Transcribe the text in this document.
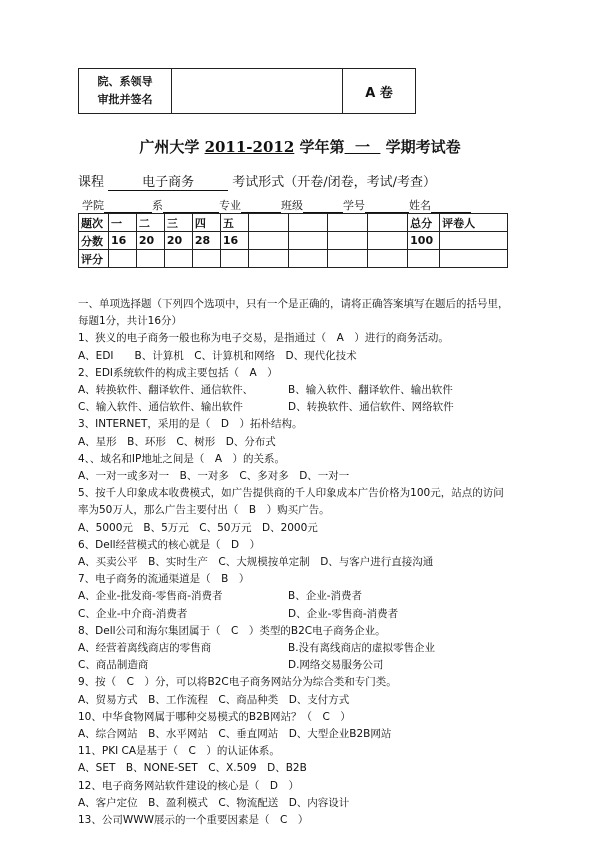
院、系领导
审批并签名		A 卷
广州大学 2011-2012 学年第  一   学期考试卷
课程	电子商务	考试形式（开卷/闭卷，考试/考查）
学院	系	专业	班级	学号	姓名
题次	一	二	三	四	五					总分	评卷人
分数	16	20	20	28	16					100	
评分											
一、单项选择题（下列四个选项中，只有一个是正确的，请将正确答案填写在题后的括号里，
每题1分，共计16分）
1、狭义的电子商务一般也称为电子交易，是指通过（　A　）进行的商务活动。
A、EDI　　B、计算机　C、计算机和网络　D、现代化技术
2、EDI系统软件的构成主要包括（　A　）
A、转换软件、翻译软件、通信软件、	B、输入软件、翻译软件、输出软件
C、输入软件、通信软件、输出软件	D、转换软件、通信软件、网络软件
3、INTERNET，采用的是（　D　）拓朴结构。
A、星形　B、环形　C、树形　D、分布式
4、、域名和IP地址之间是（　A　）的关系。
A、一对一或多对一　B、一对多　C、多对多　D、一对一
5、按千人印象成本收费模式，如广告提供商的千人印象成本广告价格为100元，站点的访问
率为50万人，那么广告主要付出（　B　）购买广告。
A、5000元　B、5万元　C、50万元　D、2000元
6、Dell经营模式的核心就是（　D　）
A、买卖公平　B、实时生产　C、大规模按单定制　D、与客户进行直接沟通
7、电子商务的流通渠道是（　B　）
A、企业-批发商-零售商-消费者	B、企业-消费者
C、企业-中介商-消费者	D、企业-零售商-消费者
8、Dell公司和海尔集团属于（　C　）类型的B2C电子商务企业。
A、经营着离线商店的零售商	B.没有离线商店的虚拟零售企业
C、商品制造商	D.网络交易服务公司
9、按（　C　）分，可以将B2C电子商务网站分为综合类和专门类。
A、贸易方式　B、工作流程　C、商品种类　D、支付方式
10、中华食物网属于哪种交易模式的B2B网站？（　C　）
A、综合网站　B、水平网站　C、垂直网站　D、大型企业B2B网站
11、PKI CA是基于（　C　）的认证体系。
A、SET　B、NONE-SET　C、X.509　D、B2B
12、电子商务网站软件建设的核心是（　D　）
A、客户定位　B、盈利模式　C、物流配送　D、内容设计
13、公司WWW展示的一个重要因素是（　C　）
